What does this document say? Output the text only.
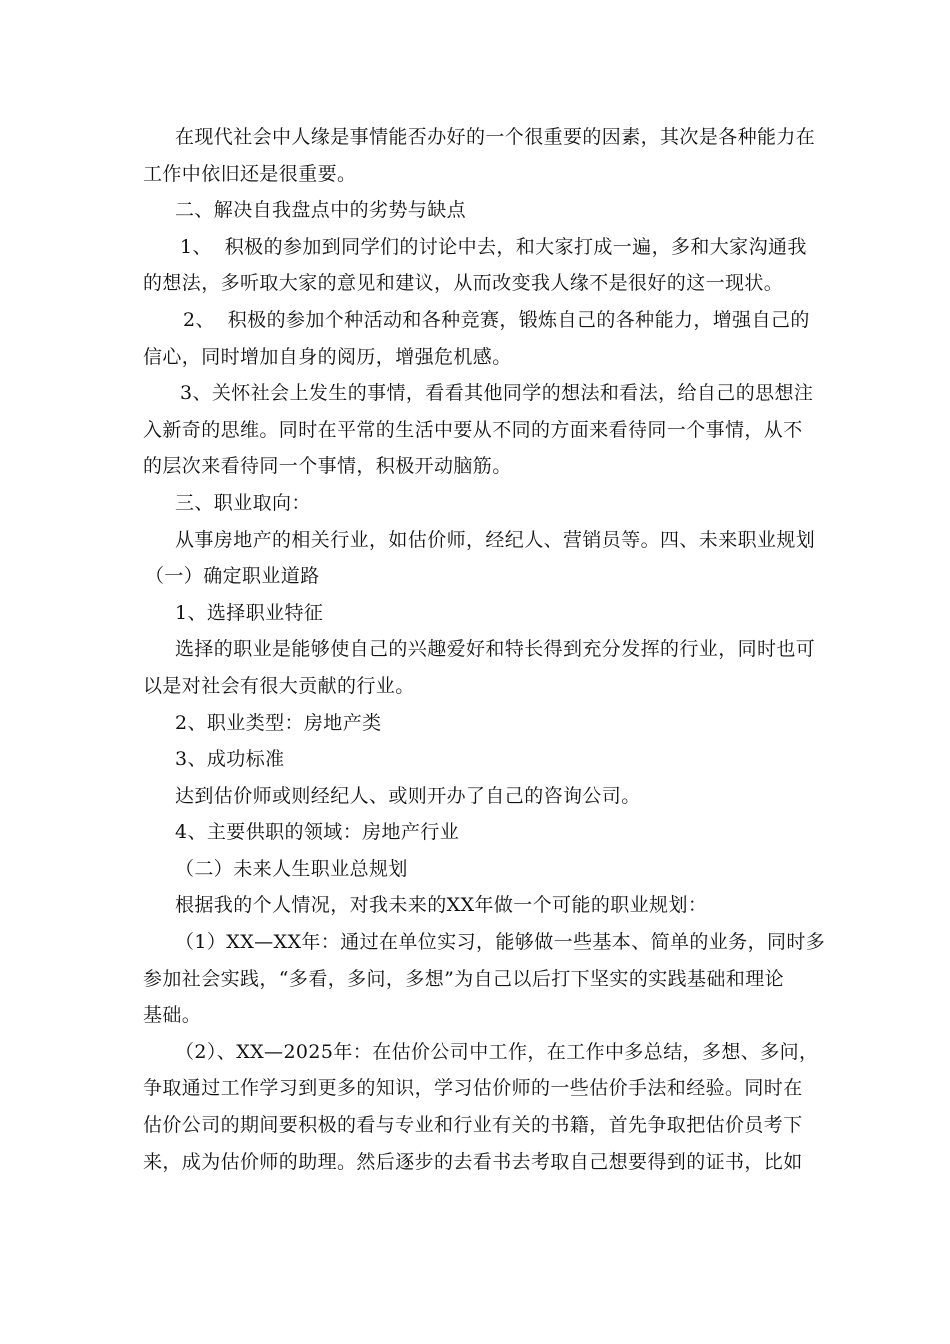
在现代社会中人缘是事情能否办好的一个很重要的因素，其次是各种能力在
工作中依旧还是很重要。
二、解决自我盘点中的劣势与缺点
1、  积极的参加到同学们的讨论中去，和大家打成一遍，多和大家沟通我
的想法，多听取大家的意见和建议，从而改变我人缘不是很好的这一现状。
2、  积极的参加个种活动和各种竞赛，锻炼自己的各种能力，增强自己的
信心，同时增加自身的阅历，增强危机感。
3、关怀社会上发生的事情，看看其他同学的想法和看法，给自己的思想注
入新奇的思维。同时在平常的生活中要从不同的方面来看待同一个事情，从不
的层次来看待同一个事情，积极开动脑筋。
三、职业取向：
从事房地产的相关行业，如估价师，经纪人、营销员等。四、未来职业规划
（一）确定职业道路
1、选择职业特征
选择的职业是能够使自己的兴趣爱好和特长得到充分发挥的行业，同时也可
以是对社会有很大贡献的行业。
2、职业类型：房地产类
3、成功标准
达到估价师或则经纪人、或则开办了自己的咨询公司。
4、主要供职的领域：房地产行业
（二）未来人生职业总规划
根据我的个人情况，对我未来的XX年做一个可能的职业规划：
（1）XX—XX年：通过在单位实习，能够做一些基本、简单的业务，同时多
参加社会实践，“多看，多问，多想”为自己以后打下坚实的实践基础和理论
基础。
（2）、XX—2025年：在估价公司中工作，在工作中多总结，多想、多问，
争取通过工作学习到更多的知识，学习估价师的一些估价手法和经验。同时在
估价公司的期间要积极的看与专业和行业有关的书籍，首先争取把估价员考下
来，成为估价师的助理。然后逐步的去看书去考取自己想要得到的证书，比如
